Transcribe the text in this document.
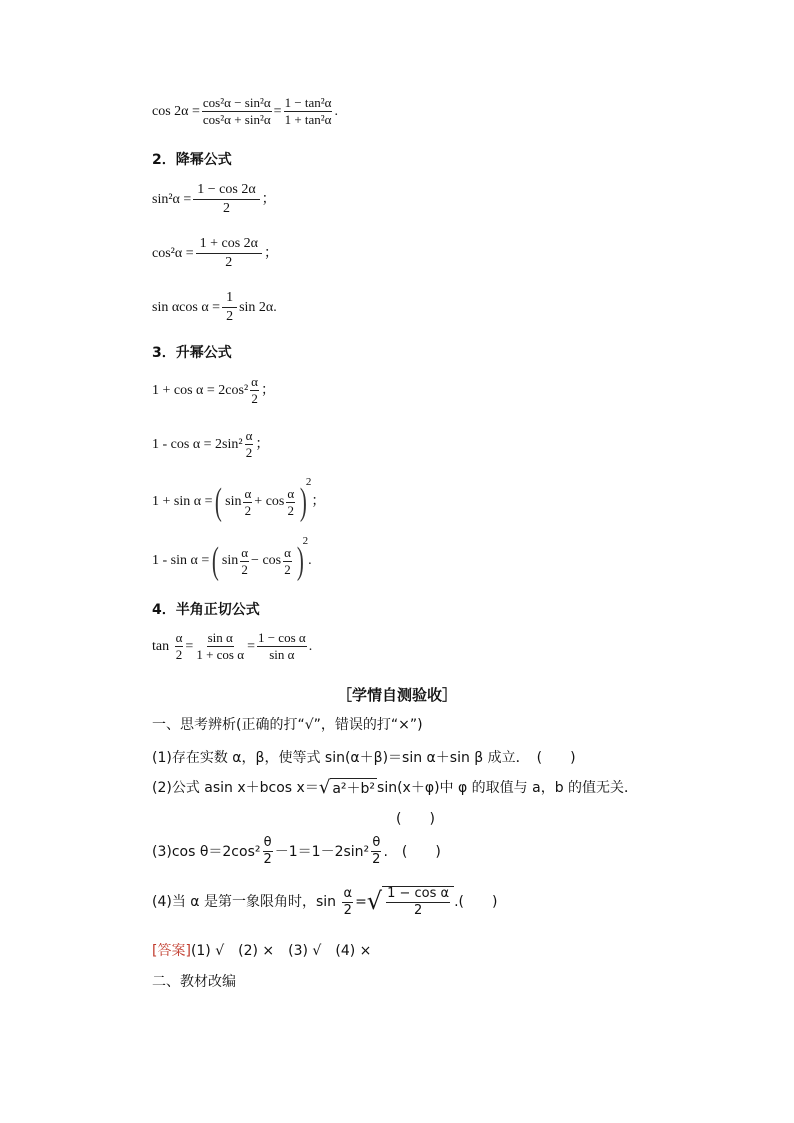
$\cos 2\alpha = \frac{\text{cos²α − sin²α}}{\text{cos²α + sin²α}} = \frac{\text{1 − tan²α}}{\text{1 + tan²α}}$ .
2．降幂公式
$\sin^2\alpha = \frac{1 - \cos 2\alpha}{2}$ ；
$\cos^2\alpha = \frac{1 + \cos 2\alpha}{2}$ ；
sin αcos $\alpha = \frac{1}{2}$ sin 2α.
3．升幂公式
$1 + \cos \alpha = 2\cos^2 \frac{\alpha}{2}$ ；
$1 - \cos \alpha = 2\sin^2 \frac{\alpha}{2}$ ；
1 + sin α = ( $\sin \frac{\alpha}{2} + \cos \frac{\alpha}{2}$ )
2
；
1 - sin α = ( $\sin \frac{\alpha}{2} - \cos \frac{\alpha}{2}$ )
2
.
4．半角正切公式
tan
$\frac{\alpha}{2} = \frac{\text{sin α}}{\text{1 + cos α}} = \frac{\text{1 − cos α}}{\text{sin α}}$ .
［学情自测验收］
一、思考辨析(正确的打“√”，错误的打“×”)
(1)存在实数 α，β，使等式 sin(α＋β)＝sin α＋sin β 成立．　(　　)
(2)公式 asin x＋bcos x＝ √ a²＋b² sin(x＋φ)中 φ 的取值与 a，b 的值无关．
(　　)
(3)cos $\theta=2\cos^2 \frac{\theta}{2} -1=1-2\sin^2 \frac{\theta}{2}$ .　(　　)
(4)当 α 是第一象限角时，sin
$\frac{\alpha}{2}$ = √ $\frac{\text{1 − cos α}}{2}$ .(　　)
[答案] (1) √　(2) ×　(3) √　(4) ×
二、教材改编
